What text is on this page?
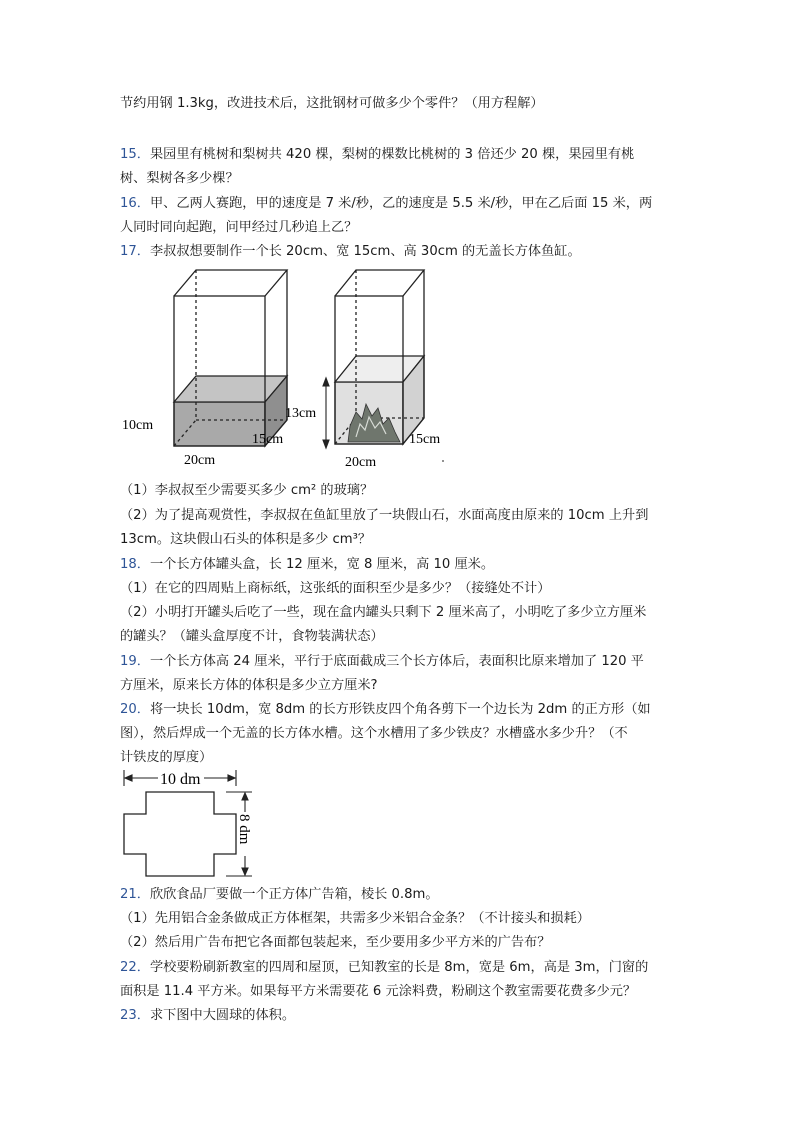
节约用钢 1.3kg，改进技术后，这批钢材可做多少个零件？（用方程解）

15．果园里有桃树和梨树共 420 棵，梨树的棵数比桃树的 3 倍还少 20 棵，果园里有桃

树、梨树各多少棵？

16．甲、乙两人赛跑，甲的速度是 7 米/秒，乙的速度是 5.5 米/秒，甲在乙后面 15 米，两

人同时同向起跑，问甲经过几秒追上乙？

17．李叔叔想要制作一个长 20cm、宽 15cm、高 30cm 的无盖长方体鱼缸。

10cm
15cm
20cm
13cm
15cm
20cm

（1）李叔叔至少需要买多少 cm² 的玻璃？

（2）为了提高观赏性，李叔叔在鱼缸里放了一块假山石，水面高度由原来的 10cm 上升到

13cm。这块假山石头的体积是多少 cm³？

18．一个长方体罐头盒，长 12 厘米，宽 8 厘米，高 10 厘米。

（1）在它的四周贴上商标纸，这张纸的面积至少是多少？（接缝处不计）

（2）小明打开罐头后吃了一些，现在盒内罐头只剩下 2 厘米高了，小明吃了多少立方厘米

的罐头？（罐头盒厚度不计，食物装满状态）

19．一个长方体高 24 厘米，平行于底面截成三个长方体后，表面积比原来增加了 120 平

方厘米，原来长方体的体积是多少立方厘米?

20．将一块长 10dm，宽 8dm 的长方形铁皮四个角各剪下一个边长为 2dm 的正方形（如

图），然后焊成一个无盖的长方体水槽。这个水槽用了多少铁皮？水槽盛水多少升？（不

计铁皮的厚度）

10 dm
8 dm

21．欣欣食品厂要做一个正方体广告箱，棱长 0.8m。

（1）先用铝合金条做成正方体框架，共需多少米铝合金条？（不计接头和损耗）

（2）然后用广告布把它各面都包装起来，至少要用多少平方米的广告布？

22．学校要粉刷新教室的四周和屋顶，已知教室的长是 8m，宽是 6m，高是 3m，门窗的

面积是 11.4 平方米。如果每平方米需要花 6 元涂料费，粉刷这个教室需要花费多少元？

23．求下图中大圆球的体积。
